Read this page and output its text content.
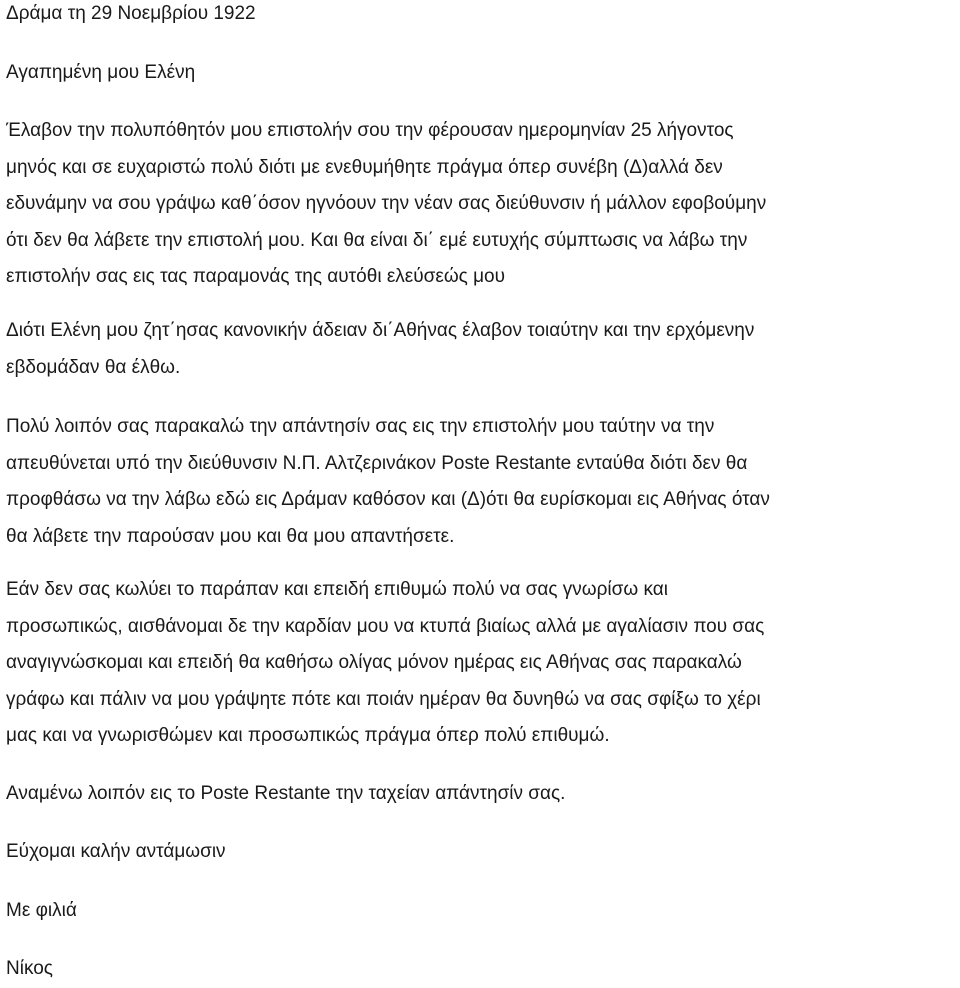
Δράμα τη 29 Νοεμβρίου 1922

Αγαπημένη μου Ελένη

Έλαβον την πολυπόθητόν μου επιστολήν σου την φέρουσαν ημερομηνίαν 25 λήγοντος
μηνός και σε ευχαριστώ πολύ διότι με ενεθυμήθητε πράγμα όπερ συνέβη (Δ)αλλά δεν
εδυνάμην να σου γράψω καθ΄όσον ηγνόουν την νέαν σας διεύθυνσιν ή μάλλον εφοβούμην
ότι δεν θα λάβετε την επιστολή μου. Και θα είναι δι΄ εμέ ευτυχής σύμπτωσις να λάβω την
επιστολήν σας εις τας παραμονάς της αυτόθι ελεύσεώς μου

Διότι Ελένη μου ζητ΄ησας κανονικήν άδειαν δι΄Αθήνας έλαβον τοιαύτην και την ερχόμενην
εβδομάδαν θα έλθω.

Πολύ λοιπόν σας παρακαλώ την απάντησίν σας εις την επιστολήν μου ταύτην να την
απευθύνεται υπό την διεύθυνσιν Ν.Π. Αλτζερινάκον Poste Restante ενταύθα διότι δεν θα
προφθάσω να την λάβω εδώ εις Δράμαν καθόσον και (Δ)ότι θα ευρίσκομαι εις Αθήνας όταν
θα λάβετε την παρούσαν μου και θα μου απαντήσετε.

Εάν δεν σας κωλύει το παράπαν και επειδή επιθυμώ πολύ να σας γνωρίσω και
προσωπικώς, αισθάνομαι δε την καρδίαν μου να κτυπά βιαίως αλλά με αγαλίασιν που σας
αναγιγνώσκομαι και επειδή θα καθήσω ολίγας μόνον ημέρας εις Αθήνας σας παρακαλώ
γράφω και πάλιν να μου γράψητε πότε και ποιάν ημέραν θα δυνηθώ να σας σφίξω το χέρι
μας και να γνωρισθώμεν και προσωπικώς πράγμα όπερ πολύ επιθυμώ.

Αναμένω λοιπόν εις το Poste Restante την ταχείαν απάντησίν σας.

Εύχομαι καλήν αντάμωσιν

Με φιλιά

Νίκος
